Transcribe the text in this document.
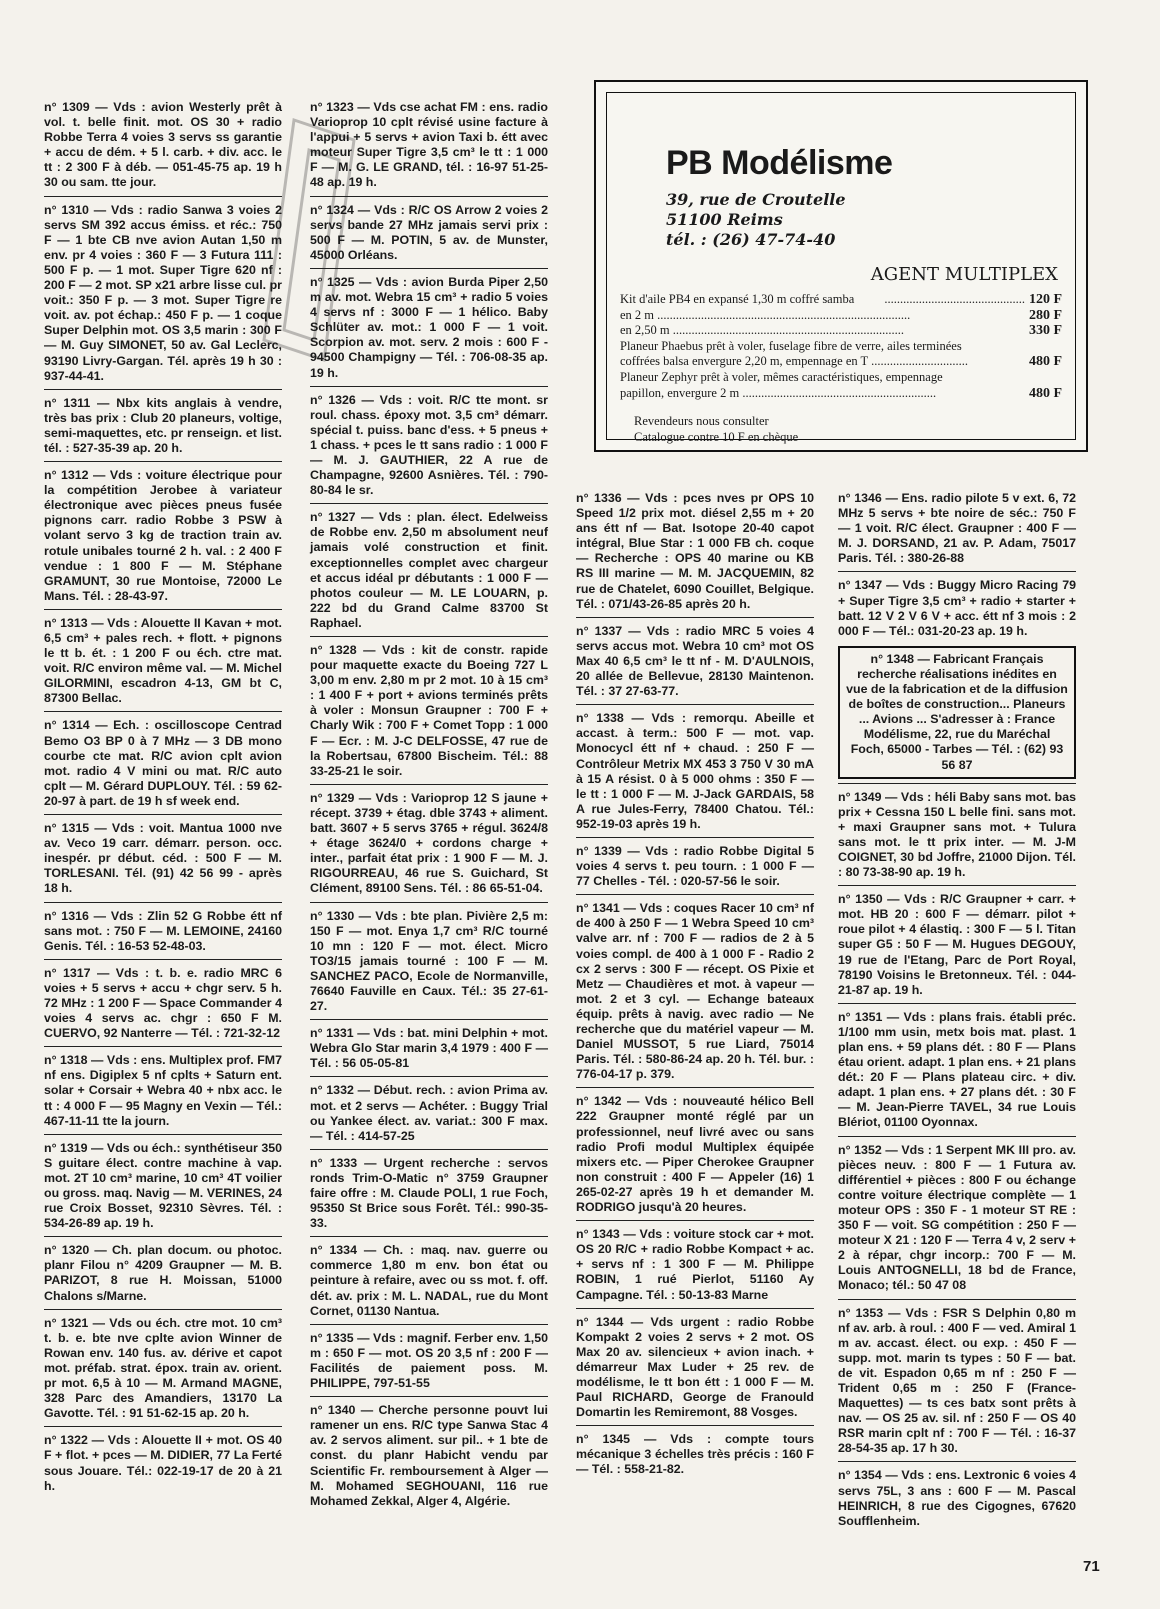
n° 1309 — Vds : avion Westerly prêt à vol. t. belle finit. mot. OS 30 + radio Robbe Terra 4 voies 3 servs ss garantie + accu de dém. + 5 l. carb. + div. acc. le tt : 2 300 F à déb. — 051-45-75 ap. 19 h 30 ou sam. tte jour.

n° 1310 — Vds : radio Sanwa 3 voies 2 servs SM 392 accus émiss. et réc.: 750 F — 1 bte CB nve avion Autan 1,50 m env. pr 4 voies : 360 F — 3 Futura 111 : 500 F p. — 1 mot. Super Tigre 620 nf : 200 F — 2 mot. SP x21 arbre lisse cul. pr voit.: 350 F p. — 3 mot. Super Tigre re voit. av. pot échap.: 450 F p. — 1 coque Super Delphin mot. OS 3,5 marin : 300 F — M. Guy SIMONET, 50 av. Gal Leclerc, 93190 Livry-Gargan. Tél. après 19 h 30 : 937-44-41.

n° 1311 — Nbx kits anglais à vendre, très bas prix : Club 20 planeurs, voltige, semi-maquettes, etc. pr renseign. et list. tél. : 527-35-39 ap. 20 h.

n° 1312 — Vds : voiture électrique pour la compétition Jerobee à variateur électronique avec pièces pneus fusée pignons carr. radio Robbe 3 PSW à volant servo 3 kg de traction train av. rotule unibales tourné 2 h. val. : 2 400 F vendue : 1 800 F — M. Stéphane GRAMUNT, 30 rue Montoise, 72000 Le Mans. Tél. : 28-43-97.

n° 1313 — Vds : Alouette II Kavan + mot. 6,5 cm³ + pales rech. + flott. + pignons le tt b. ét. : 1 200 F ou éch. ctre mat. voit. R/C environ même val. — M. Michel GILORMINI, escadron 4-13, GM bt C, 87300 Bellac.

n° 1314 — Ech. : oscilloscope Centrad Bemo O3 BP 0 à 7 MHz — 3 DB mono courbe cte mat. R/C avion cplt avion mot. radio 4 V mini ou mat. R/C auto cplt — M. Gérard DUPLOUY. Tél. : 59 62-20-97 à part. de 19 h sf week end.

n° 1315 — Vds : voit. Mantua 1000 nve av. Veco 19 carr. démarr. person. occ. inespér. pr début. céd. : 500 F — M. TORLESANI. Tél. (91) 42 56 99 - après 18 h.

n° 1316 — Vds : Zlin 52 G Robbe étt nf sans mot. : 750 F — M. LEMOINE, 24160 Genis. Tél. : 16-53 52-48-03.

n° 1317 — Vds : t. b. e. radio MRC 6 voies + 5 servs + accu + chgr serv. 5 h. 72 MHz : 1 200 F — Space Commander 4 voies 4 servs ac. chgr : 650 F M. CUERVO, 92 Nanterre — Tél. : 721-32-12

n° 1318 — Vds : ens. Multiplex prof. FM7 nf ens. Digiplex 5 nf cplts + Saturn ent. solar + Corsair + Webra 40 + nbx acc. le tt : 4 000 F — 95 Magny en Vexin — Tél.: 467-11-11 tte la journ.

n° 1319 — Vds ou éch.: synthétiseur 350 S guitare élect. contre machine à vap. mot. 2T 10 cm³ marine, 10 cm³ 4T voilier ou gross. maq. Navig — M. VERINES, 24 rue Croix Bosset, 92310 Sèvres. Tél. : 534-26-89 ap. 19 h.

n° 1320 — Ch. plan docum. ou photoc. planr Filou n° 4209 Graupner — M. B. PARIZOT, 8 rue H. Moissan, 51000 Chalons s/Marne.

n° 1321 — Vds ou éch. ctre mot. 10 cm³ t. b. e. bte nve cplte avion Winner de Rowan env. 140 fus. av. dérive et capot mot. préfab. strat. épox. train av. orient. pr mot. 6,5 à 10 — M. Armand MAGNE, 328 Parc des Amandiers, 13170 La Gavotte. Tél. : 91 51-62-15 ap. 20 h.

n° 1322 — Vds : Alouette II + mot. OS 40 F + flot. + pces — M. DIDIER, 77 La Ferté sous Jouare. Tél.: 022-19-17 de 20 à 21 h.

n° 1323 — Vds cse achat FM : ens. radio Varioprop 10 cplt révisé usine facture à l'appui + 5 servs + avion Taxi b. étt avec moteur Super Tigre 3,5 cm³ le tt : 1 000 F — M. G. LE GRAND, tél. : 16-97 51-25-48 ap. 19 h.

n° 1324 — Vds : R/C OS Arrow 2 voies 2 servs bande 27 MHz jamais servi prix : 500 F — M. POTIN, 5 av. de Munster, 45000 Orléans.

n° 1325 — Vds : avion Burda Piper 2,50 m av. mot. Webra 15 cm³ + radio 5 voies 4 servs nf : 3000 F — 1 hélico. Baby Schlüter av. mot.: 1 000 F — 1 voit. Scorpion av. mot. serv. 2 mois : 600 F - 94500 Champigny — Tél. : 706-08-35 ap. 19 h.

n° 1326 — Vds : voit. R/C tte mont. sr roul. chass. époxy mot. 3,5 cm³ démarr. spécial t. puiss. banc d'ess. + 5 pneus + 1 chass. + pces le tt sans radio : 1 000 F — M. J. GAUTHIER, 22 A rue de Champagne, 92600 Asnières. Tél. : 790-80-84 le sr.

n° 1327 — Vds : plan. élect. Edelweiss de Robbe env. 2,50 m absolument neuf jamais volé construction et finit. exceptionnelles complet avec chargeur et accus idéal pr débutants : 1 000 F — photos couleur — M. LE LOUARN, p. 222 bd du Grand Calme 83700 St Raphael.

n° 1328 — Vds : kit de constr. rapide pour maquette exacte du Boeing 727 L 3,00 m env. 2,80 m pr 2 mot. 10 à 15 cm³ : 1 400 F + port + avions terminés prêts à voler : Monsun Graupner : 700 F + Charly Wik : 700 F + Comet Topp : 1 000 F — Ecr. : M. J-C DELFOSSE, 47 rue de la Robertsau, 67800 Bischeim. Tél.: 88 33-25-21 le soir.

n° 1329 — Vds : Varioprop 12 S jaune + récept. 3739 + étag. dble 3743 + aliment. batt. 3607 + 5 servs 3765 + régul. 3624/8 + étage 3624/0 + cordons charge + inter., parfait état prix : 1 900 F — M. J. RIGOURREAU, 46 rue S. Guichard, St Clément, 89100 Sens. Tél. : 86 65-51-04.

n° 1330 — Vds : bte plan. Pivière 2,5 m: 150 F — mot. Enya 1,7 cm³ R/C tourné 10 mn : 120 F — mot. élect. Micro TO3/15 jamais tourné : 100 F — M. SANCHEZ PACO, Ecole de Normanville, 76640 Fauville en Caux. Tél.: 35 27-61-27.

n° 1331 — Vds : bat. mini Delphin + mot. Webra Glo Star marin 3,4 1979 : 400 F — Tél. : 56 05-05-81

n° 1332 — Début. rech. : avion Prima av. mot. et 2 servs — Achéter. : Buggy Trial ou Yankee élect. av. variat.: 300 F max. — Tél. : 414-57-25

n° 1333 — Urgent recherche : servos ronds Trim-O-Matic n° 3759 Graupner faire offre : M. Claude POLI, 1 rue Foch, 95350 St Brice sous Forêt. Tél.: 990-35-33.

n° 1334 — Ch. : maq. nav. guerre ou commerce 1,80 m env. bon état ou peinture à refaire, avec ou ss mot. f. off. dét. av. prix : M. L. NADAL, rue du Mont Cornet, 01130 Nantua.

n° 1335 — Vds : magnif. Ferber env. 1,50 m : 650 F — mot. OS 20 3,5 nf : 200 F — Facilités de paiement poss. M. PHILIPPE, 797-51-55

n° 1340 — Cherche personne pouvt lui ramener un ens. R/C type Sanwa Stac 4 av. 2 servos aliment. sur pil.. + 1 bte de const. du planr Habicht vendu par Scientific Fr. remboursement à Alger — M. Mohamed SEGHOUANI, 116 rue Mohamed Zekkal, Alger 4, Algérie.

n° 1336 — Vds : pces nves pr OPS 10 Speed 1/2 prix mot. diésel 2,55 m + 20 ans étt nf — Bat. Isotope 20-40 capot intégral, Blue Star : 1 000 FB ch. coque — Recherche : OPS 40 marine ou KB RS III marine — M. M. JACQUEMIN, 82 rue de Chatelet, 6090 Couillet, Belgique. Tél. : 071/43-26-85 après 20 h.

n° 1337 — Vds : radio MRC 5 voies 4 servs accus mot. Webra 10 cm³ mot OS Max 40 6,5 cm³ le tt nf - M. D'AULNOIS, 20 allée de Bellevue, 28130 Maintenon. Tél. : 37 27-63-77.

n° 1338 — Vds : remorqu. Abeille et accast. à term.: 500 F — mot. vap. Monocycl étt nf + chaud. : 250 F — Contrôleur Metrix MX 453 3 750 V 30 mA à 15 A résist. 0 à 5 000 ohms : 350 F — le tt : 1 000 F — M. J-Jack GARDAIS, 58 A rue Jules-Ferry, 78400 Chatou. Tél.: 952-19-03 après 19 h.

n° 1339 — Vds : radio Robbe Digital 5 voies 4 servs t. peu tourn. : 1 000 F — 77 Chelles - Tél. : 020-57-56 le soir.

n° 1341 — Vds : coques Racer 10 cm³ nf de 400 à 250 F — 1 Webra Speed 10 cm³ valve arr. nf : 700 F — radios de 2 à 5 voies compl. de 400 à 1 000 F - Radio 2 cx 2 servs : 300 F — récept. OS Pixie et Metz — Chaudières et mot. à vapeur — mot. 2 et 3 cyl. — Echange bateaux équip. prêts à navig. avec radio — Ne recherche que du matériel vapeur — M. Daniel MUSSOT, 5 rue Liard, 75014 Paris. Tél. : 580-86-24 ap. 20 h. Tél. bur. : 776-04-17 p. 379.

n° 1342 — Vds : nouveauté hélico Bell 222 Graupner monté réglé par un professionnel, neuf livré avec ou sans radio Profi modul Multiplex équipée mixers etc. — Piper Cherokee Graupner non construit : 400 F — Appeler (16) 1 265-02-27 après 19 h et demander M. RODRIGO jusqu'à 20 heures.

n° 1343 — Vds : voiture stock car + mot. OS 20 R/C + radio Robbe Kompact + ac. + servs nf : 1 300 F — M. Philippe ROBIN, 1 rué Pierlot, 51160 Ay Campagne. Tél. : 50-13-83 Marne

n° 1344 — Vds urgent : radio Robbe Kompakt 2 voies 2 servs + 2 mot. OS Max 20 av. silencieux + avion inach. + démarreur Max Luder + 25 rev. de modélisme, le tt bon étt : 1 000 F — M. Paul RICHARD, George de Franould Domartin les Remiremont, 88 Vosges.

n° 1345 — Vds : compte tours mécanique 3 échelles très précis : 160 F — Tél. : 558-21-82.

n° 1346 — Ens. radio pilote 5 v ext. 6, 72 MHz 5 servs + bte noire de séc.: 750 F — 1 voit. R/C élect. Graupner : 400 F — M. J. DORSAND, 21 av. P. Adam, 75017 Paris. Tél. : 380-26-88

n° 1347 — Vds : Buggy Micro Racing 79 + Super Tigre 3,5 cm³ + radio + starter + batt. 12 V 2 V 6 V + acc. étt nf 3 mois : 2 000 F — Tél.: 031-20-23 ap. 19 h.

n° 1348 — Fabricant Français recherche réalisations inédites en vue de la fabrication et de la diffusion de boîtes de construction... Planeurs ... Avions ... S'adresser à : France Modélisme, 22, rue du Maréchal Foch, 65000 - Tarbes — Tél. : (62) 93 56 87

n° 1349 — Vds : héli Baby sans mot. bas prix + Cessna 150 L belle fini. sans mot. + maxi Graupner sans mot. + Tulura sans mot. le tt prix inter. — M. J-M COIGNET, 30 bd Joffre, 21000 Dijon. Tél. : 80 73-38-90 ap. 19 h.

n° 1350 — Vds : R/C Graupner + carr. + mot. HB 20 : 600 F — démarr. pilot + roue pilot + 4 élastiq. : 300 F — 5 l. Titan super G5 : 50 F — M. Hugues DEGOUY, 19 rue de l'Etang, Parc de Port Royal, 78190 Voisins le Bretonneux. Tél. : 044-21-87 ap. 19 h.

n° 1351 — Vds : plans frais. établi préc. 1/100 mm usin, metx bois mat. plast. 1 plan ens. + 59 plans dét. : 80 F — Plans étau orient. adapt. 1 plan ens. + 21 plans dét.: 20 F — Plans plateau circ. + div. adapt. 1 plan ens. + 27 plans dét. : 30 F — M. Jean-Pierre TAVEL, 34 rue Louis Blériot, 01100 Oyonnax.

n° 1352 — Vds : 1 Serpent MK III pro. av. pièces neuv. : 800 F — 1 Futura av. différentiel + pièces : 800 F ou échange contre voiture électrique complète — 1 moteur OPS : 350 F - 1 moteur ST RE : 350 F — voit. SG compétition : 250 F — moteur X 21 : 120 F — Terra 4 v, 2 serv + 2 à répar, chgr incorp.: 700 F — M. Louis ANTOGNELLI, 18 bd de France, Monaco; tél.: 50 47 08

n° 1353 — Vds : FSR S Delphin 0,80 m nf av. arb. à roul. : 400 F — ved. Amiral 1 m av. accast. élect. ou exp. : 450 F — supp. mot. marin ts types : 50 F — bat. de vit. Espadon 0,65 m nf : 250 F — Trident 0,65 m : 250 F (France-Maquettes) — ts ces batx sont prêts à nav. — OS 25 av. sil. nf : 250 F — OS 40 RSR marin cplt nf : 700 F — Tél. : 16-37 28-54-35 ap. 17 h 30.

n° 1354 — Vds : ens. Lextronic 6 voies 4 servs 75L, 3 ans : 600 F — M. Pascal HEINRICH, 8 rue des Cigognes, 67620 Soufflenheim.

PB Modélisme
39, rue de Croutelle
51100 Reims
tél. : (26) 47-74-40
AGENT MULTIPLEX
Kit d'aile PB4 en expansé 1,30 m coffré samba	............................................. 120 F
en 2 m .................................................................................	280 F
en 2,50 m ..........................................................................	330 F
Planeur Phaebus prêt à voler, fuselage fibre de verre, ailes terminées
coffrées balsa envergure 2,20 m, empennage en T ...............................	480 F
Planeur Zephyr prêt à voler, mêmes caractéristiques, empennage
papillon, envergure 2 m ..............................................................	480 F
Revendeurs nous consulter
Catalogue contre 10 F en chèque
71
